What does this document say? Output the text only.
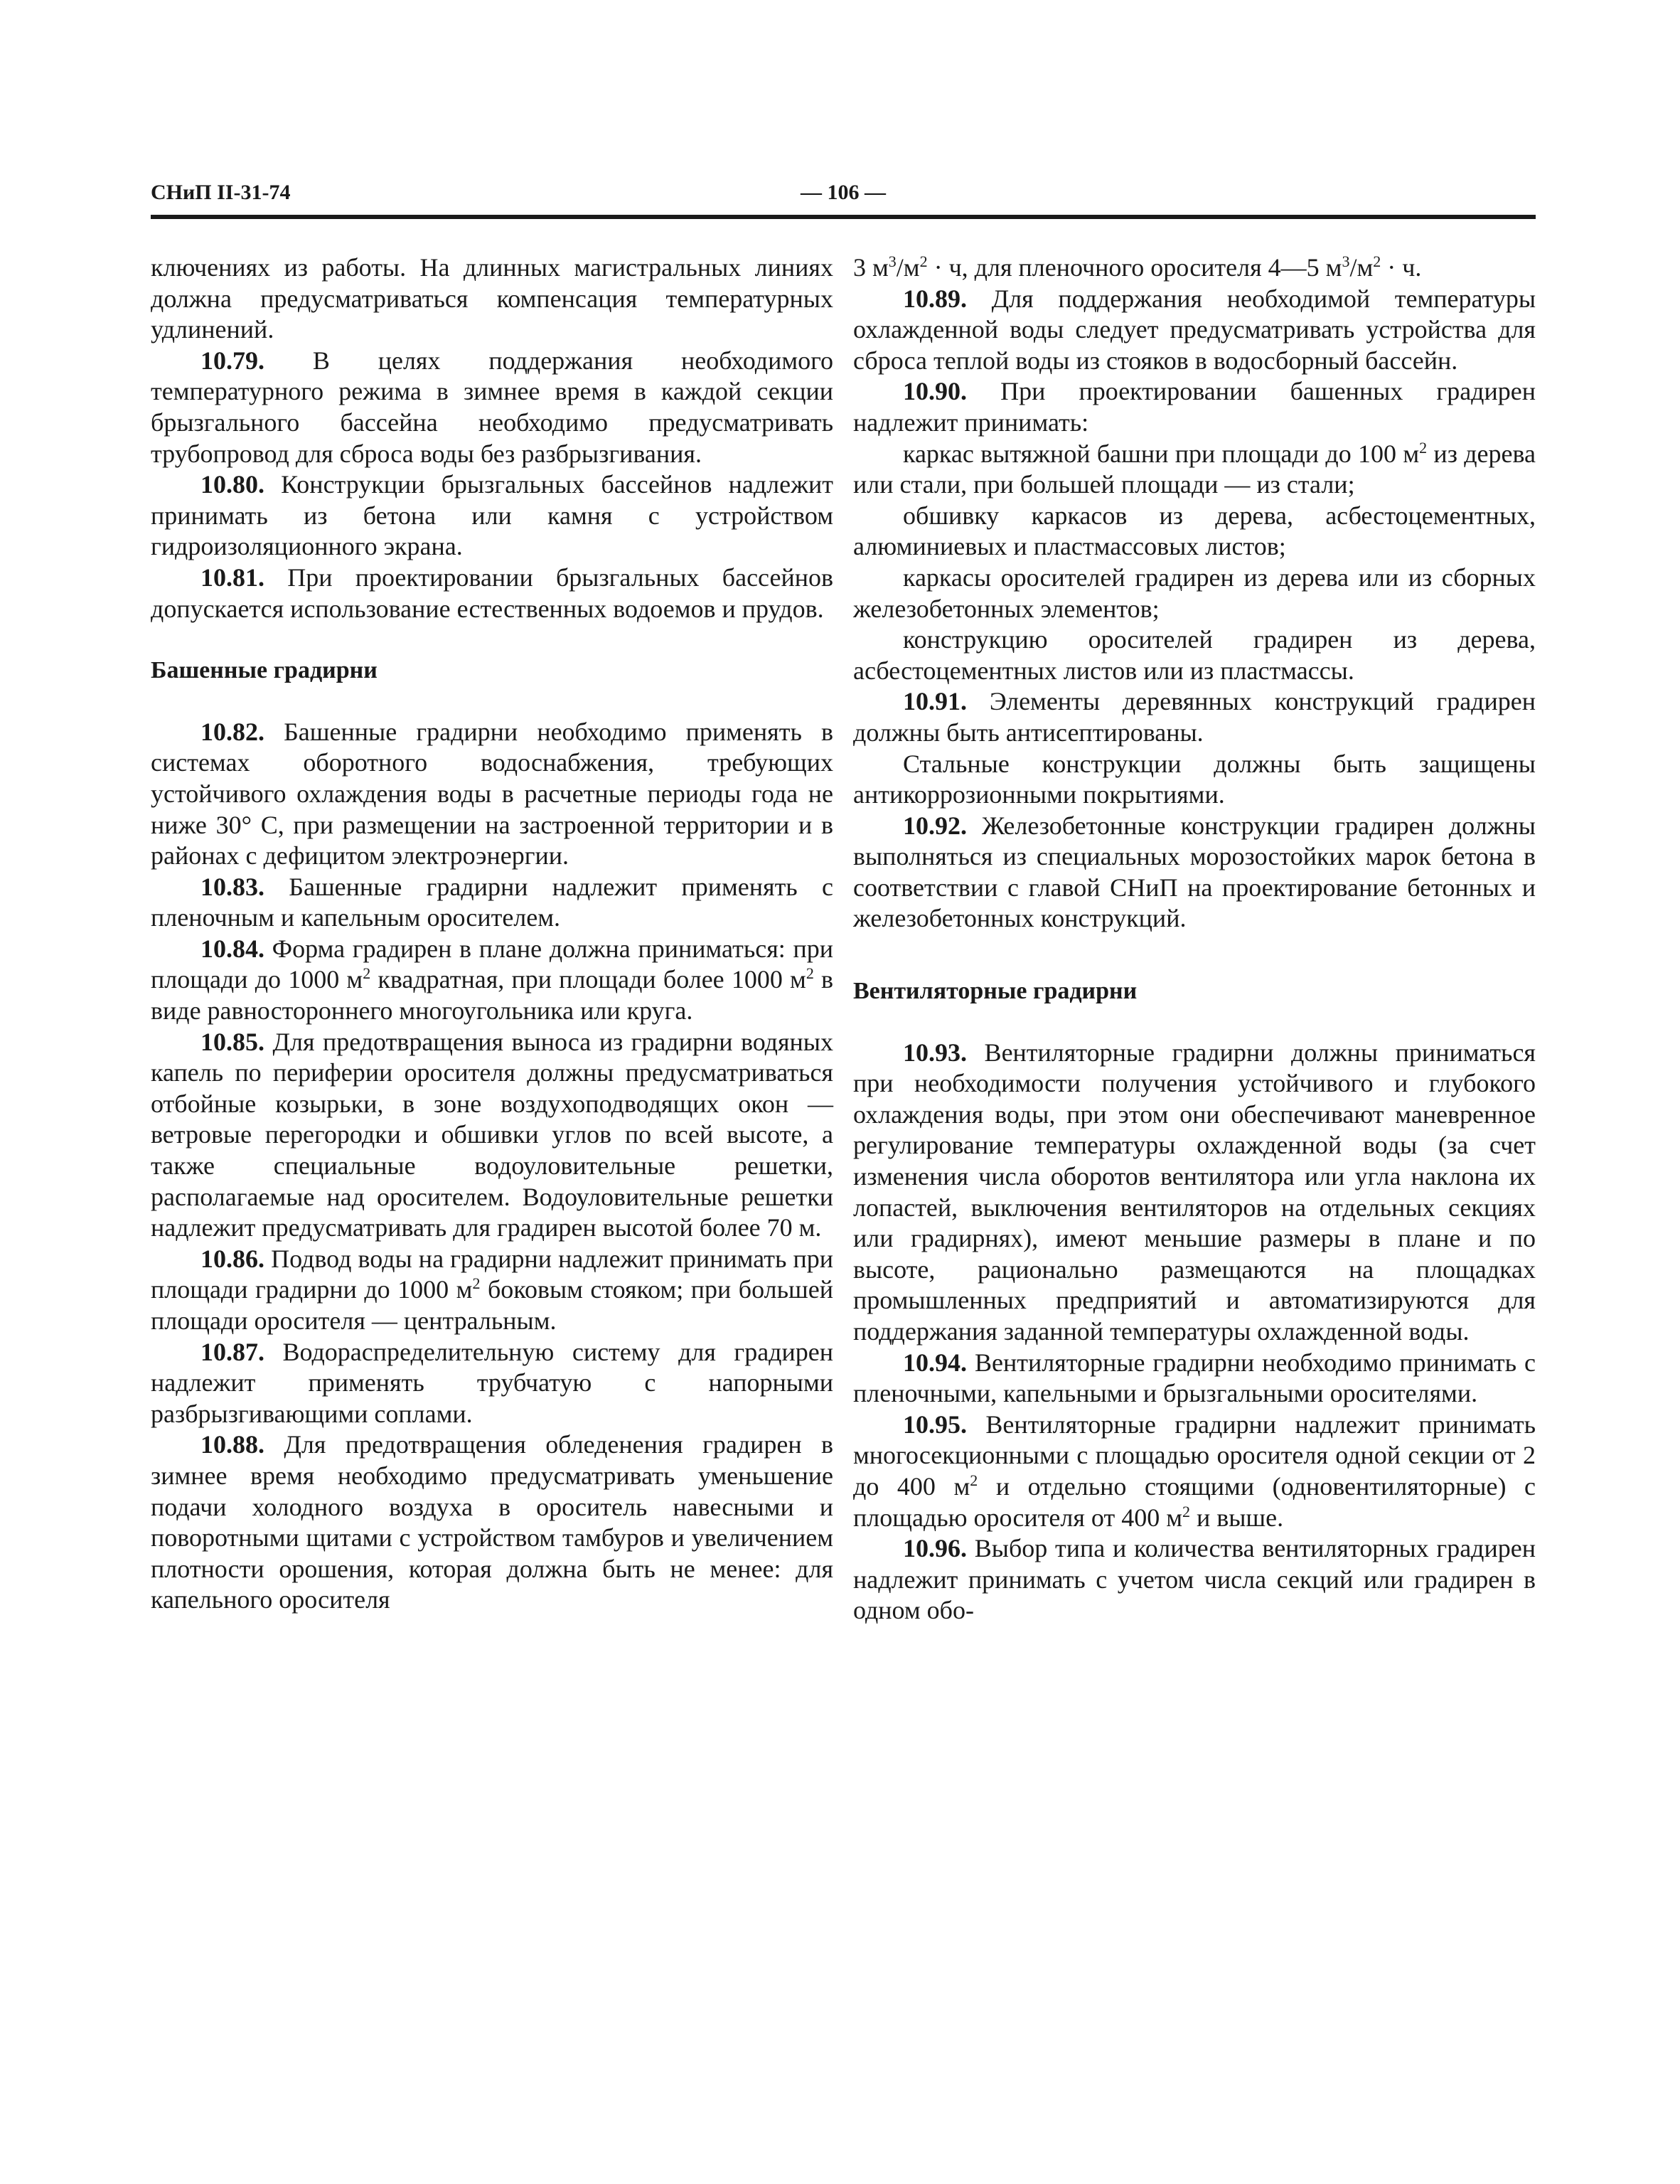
СНиП II-31-74	— 106 —

ключениях из работы. На длинных магистральных линиях должна предусматриваться компенсация температурных удлинений.

10.79. В целях поддержания необходимого температурного режима в зимнее время в каждой секции брызгального бассейна необходимо предусматривать трубопровод для сброса воды без разбрызгивания.

10.80. Конструкции брызгальных бассейнов надлежит принимать из бетона или камня с устройством гидроизоляционного экрана.

10.81. При проектировании брызгальных бассейнов допускается использование естественных водоемов и прудов.

Башенные градирни

10.82. Башенные градирни необходимо применять в системах оборотного водоснабжения, требующих устойчивого охлаждения воды в расчетные периоды года не ниже 30° С, при размещении на застроенной территории и в районах с дефицитом электроэнергии.

10.83. Башенные градирни надлежит применять с пленочным и капельным оросителем.

10.84. Форма градирен в плане должна приниматься: при площади до 1000 $м^2$ квадратная, при площади более 1000 $м^2$ в виде равностороннего многоугольника или круга.

10.85. Для предотвращения выноса из градирни водяных капель по периферии оросителя должны предусматриваться отбойные козырьки, в зоне воздухоподводящих окон — ветровые перегородки и обшивки углов по всей высоте, а также специальные водоуловительные решетки, располагаемые над оросителем. Водоуловительные решетки надлежит предусматривать для градирен высотой более 70 м.

10.86. Подвод воды на градирни надлежит принимать при площади градирни до 1000 $м^2$ боковым стояком; при большей площади оросителя — центральным.

10.87. Водораспределительную систему для градирен надлежит применять трубчатую с напорными разбрызгивающими соплами.

10.88. Для предотвращения обледенения градирен в зимнее время необходимо предусматривать уменьшение подачи холодного воздуха в ороситель навесными и поворотными щитами с устройством тамбуров и увеличением плотности орошения, которая должна быть не менее: для капельного оросителя

3 $м^3/м^2 \cdot ч$, для пленочного оросителя 4—5 $м^3/м^2 \cdot ч$.

10.89. Для поддержания необходимой температуры охлажденной воды следует предусматривать устройства для сброса теплой воды из стояков в водосборный бассейн.

10.90. При проектировании башенных градирен надлежит принимать:

каркас вытяжной башни при площади до 100 $м^2$ из дерева или стали, при большей площади — из стали;

обшивку каркасов из дерева, асбестоцементных, алюминиевых и пластмассовых листов;

каркасы оросителей градирен из дерева или из сборных железобетонных элементов;

конструкцию оросителей градирен из дерева, асбестоцементных листов или из пластмассы.

10.91. Элементы деревянных конструкций градирен должны быть антисептированы.

Стальные конструкции должны быть защищены антикоррозионными покрытиями.

10.92. Железобетонные конструкции градирен должны выполняться из специальных морозостойких марок бетона в соответствии с главой СНиП на проектирование бетонных и железобетонных конструкций.

Вентиляторные градирни

10.93. Вентиляторные градирни должны приниматься при необходимости получения устойчивого и глубокого охлаждения воды, при этом они обеспечивают маневренное регулирование температуры охлажденной воды (за счет изменения числа оборотов вентилятора или угла наклона их лопастей, выключения вентиляторов на отдельных секциях или градирнях), имеют меньшие размеры в плане и по высоте, рационально размещаются на площадках промышленных предприятий и автоматизируются для поддержания заданной температуры охлажденной воды.

10.94. Вентиляторные градирни необходимо принимать с пленочными, капельными и брызгальными оросителями.

10.95. Вентиляторные градирни надлежит принимать многосекционными с площадью оросителя одной секции от 2 до 400 $м^2$ и отдельно стоящими (одновентиляторные) с площадью оросителя от 400 $м^2$ и выше.

10.96. Выбор типа и количества вентиляторных градирен надлежит принимать с учетом числа секций или градирен в одном обо-
